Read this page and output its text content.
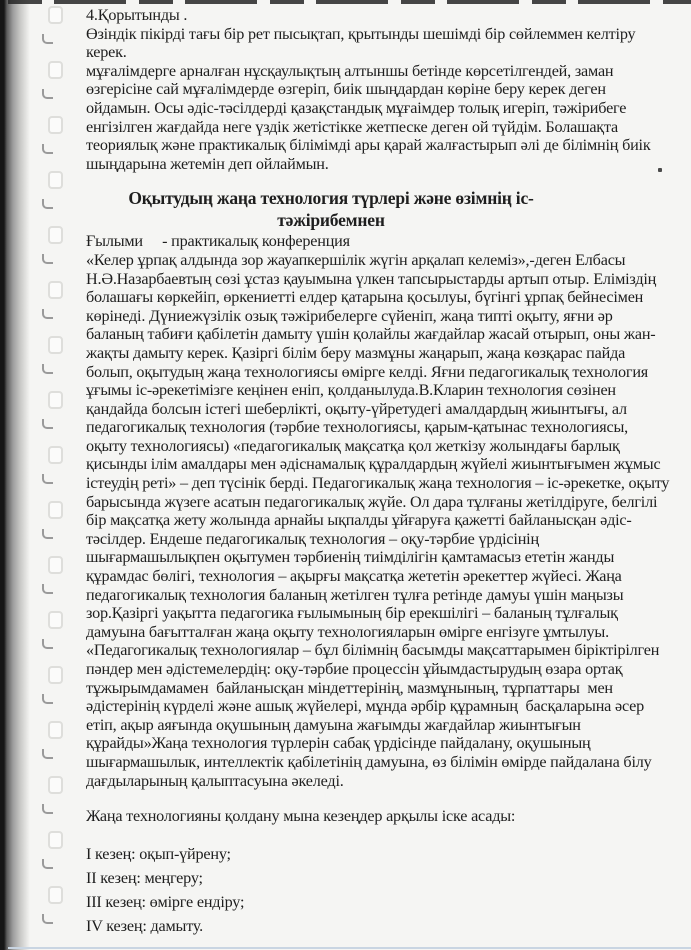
4.Қорытынды .

Өзіндік пікірді тағы бір рет пысықтап, қрытынды шешімді бір сөйлеммен келтіру керек.

мұғалімдерге арналған нұсқаулықтың алтыншы бетінде көрсетілгендей, заман өзгерісіне сай мұғалімдерде өзгеріп, биік шыңдардан көріне беру керек деген ойдамын. Осы әдіс-тәсілдерді қазақстандық мұғаімдер толық игеріп, тәжірибеге енгізілген жағдайда неге үздік жетістікке жетпеске деген ой түйдім. Болашақта теориялық және практикалық білімімді ары қарай жалғастырып әлі де білімнің биік шыңдарына жетемін деп ойлаймын.

Оқытудың жаңа технология түрлері және өзімнің іс-тәжірибемнен

Ғылыми     - практикалық конференция

«Келер ұрпақ алдында зор жауапкершілік жүгін арқалап келеміз»,-деген Елбасы Н.Ә.Назарбаевтың сөзі ұстаз қауымына үлкен тапсырыстарды артып отыр. Еліміздің болашағы көркейіп, өркениетті елдер қатарына қосылуы, бүгінгі ұрпақ бейнесімен көрінеді. Дүниежүзілік озық тәжірибелерге сүйеніп, жаңа типті оқыту, яғни әр баланың табиғи қабілетін дамыту үшін қолайлы жағдайлар жасай отырып, оны жан-жақты дамыту керек. Қазіргі білім беру мазмұны жаңарып, жаңа көзқарас пайда болып, оқытудың жаңа технологиясы өмірге келді. Яғни педагогикалық технология ұғымы іс-әрекетімізге кеңінен еніп, қолданылуда.В.Кларин технология сөзінен қандайда болсын істегі шеберлікті, оқыту-үйретудегі амалдардың жиынтығы, ал педагогикалық технология (тәрбие технологиясы, қарым-қатынас технологиясы, оқыту технологиясы) «педагогикалық мақсатқа қол жеткізу жолындағы барлық қисынды ілім амалдары мен әдіснамалық құралдардың жүйелі жиынтығымен жұмыс істеудің реті» – деп түсінік берді. Педагогикалық жаңа технология – іс-әрекетке, оқыту барысында жүзеге асатын педагогикалық жүйе. Ол дара тұлғаны жетілдіруге, белгілі бір мақсатқа жету жолында арнайы ықпалды ұйғаруға қажетті байланысқан әдіс-тәсілдер. Ендеше педагогикалық технология – оқу-тәрбие үрдісінің шығармашылықпен оқытумен тәрбиенің тиімділігін қамтамасыз ететін жанды құрамдас бөлігі, технология – ақырғы мақсатқа жететін әрекеттер жүйесі. Жаңа педагогикалық технология баланың жетілген тұлға ретінде дамуы үшін маңызы зор.Қазіргі уақытта педагогика ғылымының бір ерекшілігі – баланың тұлғалық дамуына бағытталған жаңа оқыту технологияларын өмірге енгізуге ұмтылуы.

«Педагогикалық технологиялар – бұл білімнің басымды мақсаттарымен біріктірілген  пәндер мен әдістемелердің: оқу-тәрбие процессін ұйымдастырудың өзара ортақ тұжырымдамамен  байланысқан міндеттерінің, мазмұнының, тұрпаттары  мен әдістерінің күрделі және ашық жүйелері, мұнда әрбір құрамның  басқаларына әсер етіп, ақыр аяғында оқушының дамуына жағымды жағдайлар жиынтығын құрайды»Жаңа технология түрлерін сабақ үрдісінде пайдалану, оқушының шығармашылык, интеллектік қабілетінің дамуына, өз білімін өмірде пайдалана білу дағдыларының қалыптасуына әкеледі.

Жаңа технологияны қолдану мына кезеңдер арқылы іске асады:

І кезең: оқып-үйрену;
ІІ кезең: меңгеру;
ІІІ кезең: өмірге ендіру;
ІV кезең: дамыту.
